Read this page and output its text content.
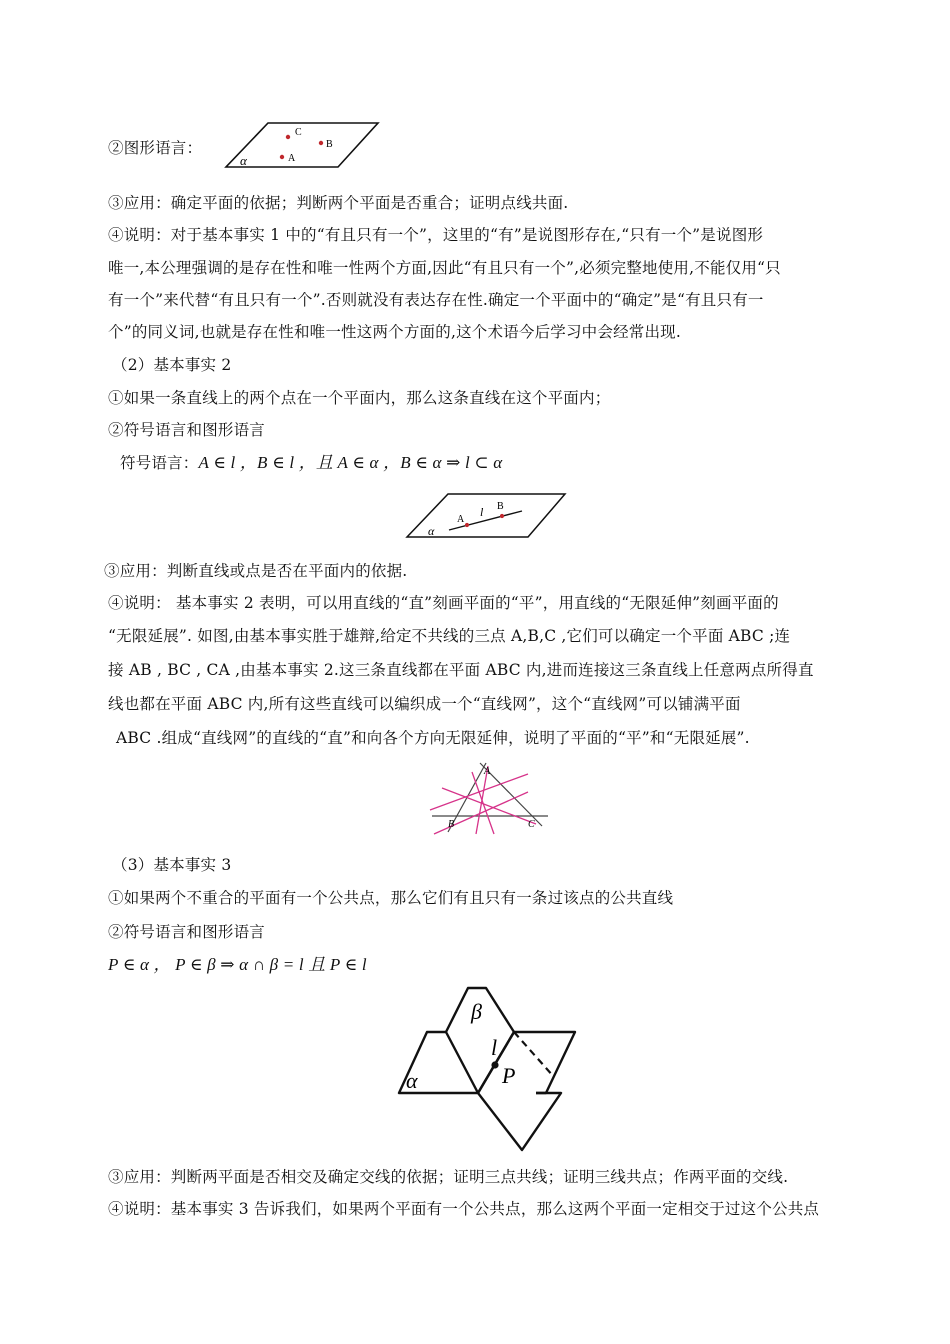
②图形语言：
C
B
A
α
③应用：确定平面的依据；判断两个平面是否重合；证明点线共面.
④说明：对于基本事实 1 中的“有且只有一个”，这里的“有”是说图形存在,“只有一个”是说图形
唯一,本公理强调的是存在性和唯一性两个方面,因此“有且只有一个”,必须完整地使用,不能仅用“只
有一个”来代替“有且只有一个”.否则就没有表达存在性.确定一个平面中的“确定”是“有且只有一
个”的同义词,也就是存在性和唯一性这两个方面的,这个术语今后学习中会经常出现.
（2）基本事实 2
①如果一条直线上的两个点在一个平面内，那么这条直线在这个平面内；
②符号语言和图形语言
符号语言：A ∈ l ，B ∈ l ，且 A ∈ α ，B ∈ α ⇒ l ⊂ α
A
B
l
α
③应用：判断直线或点是否在平面内的依据.
④说明： 基本事实 2 表明，可以用直线的“直”刻画平面的“平”，用直线的“无限延伸”刻画平面的
“无限延展”. 如图,由基本事实胜于雄辩,给定不共线的三点 A,B,C ,它们可以确定一个平面 ABC ;连
接 AB , BC , CA ,由基本事实 2.这三条直线都在平面 ABC 内,进而连接这三条直线上任意两点所得直
线也都在平面 ABC 内,所有这些直线可以编织成一个“直线网”，这个“直线网”可以铺满平面
ABC .组成“直线网”的直线的“直”和向各个方向无限延伸，说明了平面的“平”和“无限延展”.
A
B	C
（3）基本事实 3
①如果两个不重合的平面有一个公共点，那么它们有且只有一条过该点的公共直线
②符号语言和图形语言
P ∈ α ， P ∈ β ⇒ α ∩ β = l 且 P ∈ l
β
l
P
α
③应用：判断两平面是否相交及确定交线的依据；证明三点共线；证明三线共点；作两平面的交线.
④说明：基本事实 3 告诉我们，如果两个平面有一个公共点，那么这两个平面一定相交于过这个公共点
